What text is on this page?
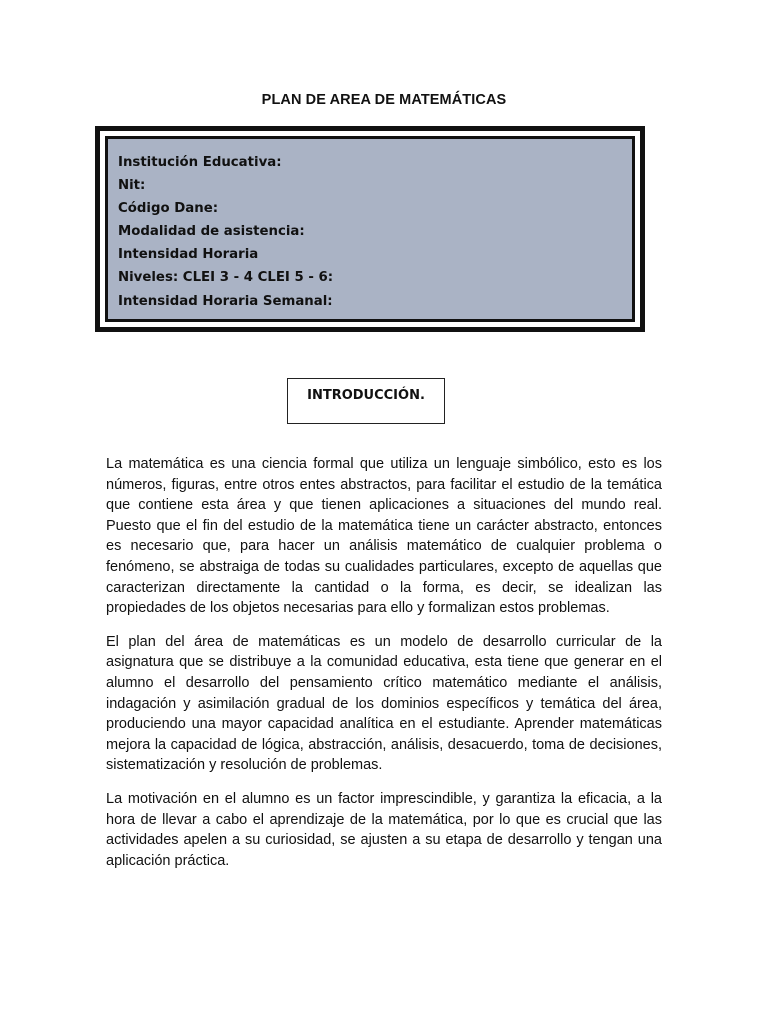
PLAN DE AREA DE MATEMÁTICAS
Institución Educativa:
Nit:
Código Dane:
Modalidad de asistencia:
Intensidad Horaria
Niveles: CLEI 3 - 4 CLEI 5 - 6:
Intensidad Horaria Semanal:
INTRODUCCIÓN.

La matemática es una ciencia formal que utiliza un lenguaje simbólico, esto es los números, figuras, entre otros entes abstractos, para facilitar el estudio de la temática que contiene esta área y que tienen aplicaciones a situaciones del mundo real. Puesto que el fin del estudio de la matemática tiene un carácter abstracto, entonces es necesario que, para hacer un análisis matemático de cualquier problema o fenómeno, se abstraiga de todas su cualidades particulares, excepto de aquellas que caracterizan directamente la cantidad o la forma, es decir, se idealizan las propiedades de los objetos necesarias para ello y formalizan estos problemas.

El plan del área de matemáticas es un modelo de desarrollo curricular de la asignatura que se distribuye a la comunidad educativa, esta tiene que generar en el alumno el desarrollo del pensamiento crítico matemático mediante el análisis, indagación y asimilación gradual de los dominios específicos y temática del área, produciendo una mayor capacidad analítica en el estudiante. Aprender matemáticas mejora la capacidad de lógica, abstracción, análisis, desacuerdo, toma de decisiones, sistematización y resolución de problemas.

La motivación en el alumno es un factor imprescindible, y garantiza la eficacia, a la hora de llevar a cabo el aprendizaje de la matemática, por lo que es crucial que las actividades apelen a su curiosidad, se ajusten a su etapa de desarrollo y tengan una aplicación práctica.
